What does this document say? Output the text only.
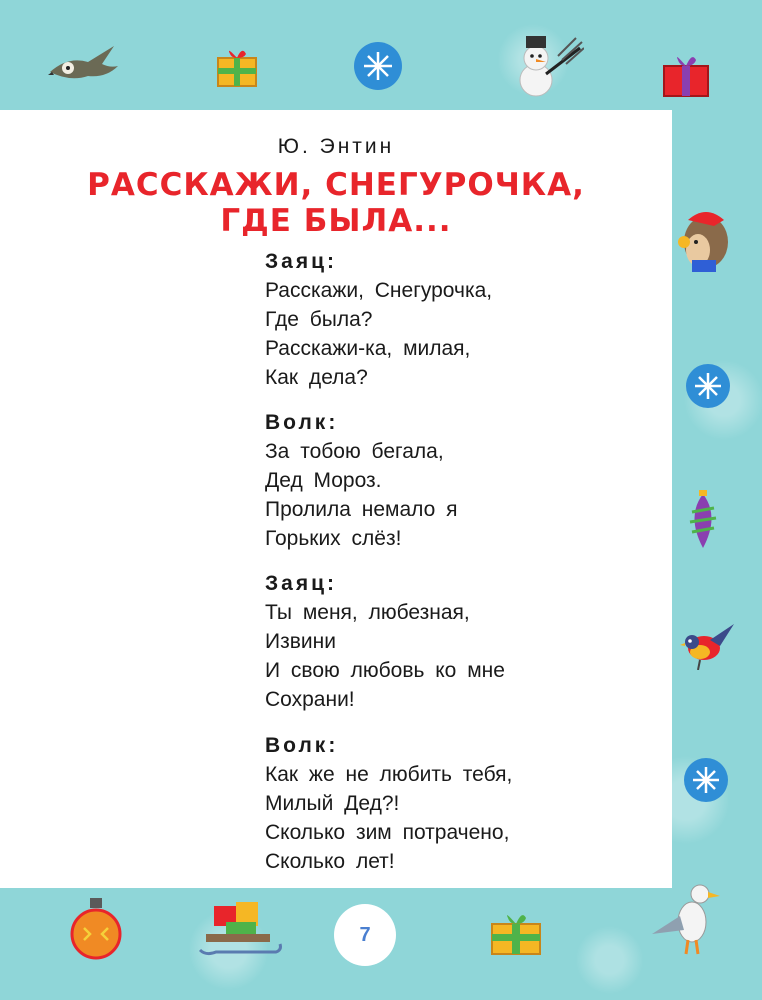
Ю. Энтин
РАССКАЖИ, СНЕГУРОЧКА,
ГДЕ БЫЛА...
Заяц:
Расскажи, Снегурочка,
Где была?
Расскажи-ка, милая,
Как дела?
Волк:
За тобою бегала,
Дед Мороз.
Пролила немало я
Горьких слёз!
Заяц:
Ты меня, любезная,
Извини
И свою любовь ко мне
Сохрани!
Волк:
Как же не любить тебя,
Милый Дед?!
Сколько зим потрачено,
Сколько лет!
7
